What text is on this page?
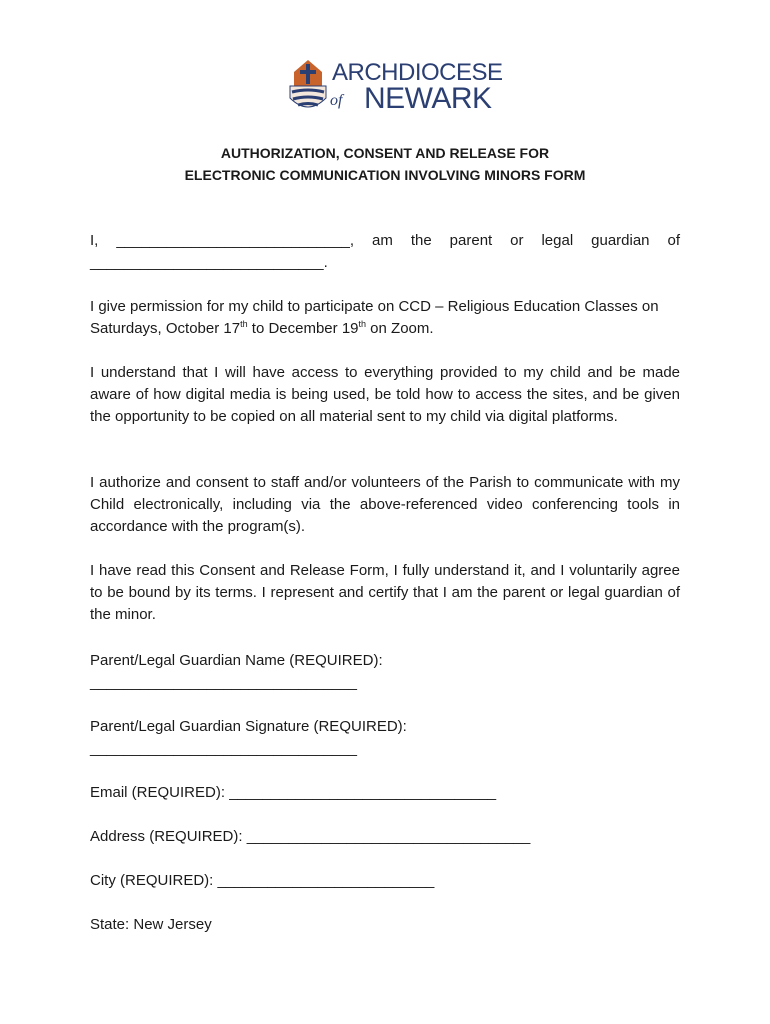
ARCHDIOCESE
of NEWARK
AUTHORIZATION, CONSENT AND RELEASE FOR
ELECTRONIC COMMUNICATION INVOLVING MINORS FORM
I, ____________________________, am the parent or legal guardian of
____________________________.

I give permission for my child to participate on CCD – Religious Education Classes on Saturdays, October 17th to December 19th on Zoom.

I understand that I will have access to everything provided to my child and be made aware of how digital media is being used, be told how to access the sites, and be given the opportunity to be copied on all material sent to my child via digital platforms.

I authorize and consent to staff and/or volunteers of the Parish to communicate with my Child electronically, including via the above-referenced video conferencing tools in accordance with the program(s).

I have read this Consent and Release Form, I fully understand it, and I voluntarily agree to be bound by its terms. I represent and certify that I am the parent or legal guardian of the minor.

Parent/Legal Guardian Name (REQUIRED):
________________________________
Parent/Legal Guardian Signature (REQUIRED):
________________________________
Email (REQUIRED): ________________________________
Address (REQUIRED): __________________________________
City (REQUIRED): __________________________
State: New Jersey
